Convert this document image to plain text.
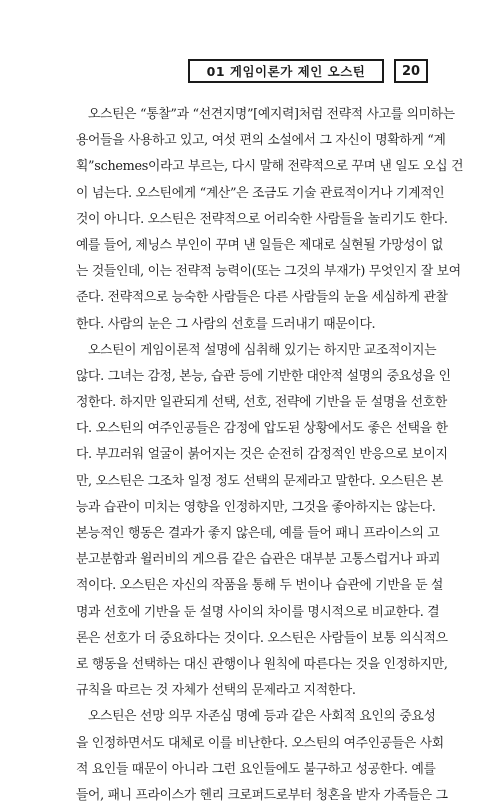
01 게임이론가 제인 오스틴	20
오스틴은 “통찰”과 “선견지명”[예지력]처럼 전략적 사고를 의미하는
용어들을 사용하고 있고, 여섯 편의 소설에서 그 자신이 명확하게 “계
획”schemes이라고 부르는, 다시 말해 전략적으로 꾸며 낸 일도 오십 건
이 넘는다. 오스틴에게 “계산”은 조금도 기술 관료적이거나 기계적인
것이 아니다. 오스틴은 전략적으로 어리숙한 사람들을 놀리기도 한다.
예를 들어, 제닝스 부인이 꾸며 낸 일들은 제대로 실현될 가망성이 없
는 것들인데, 이는 전략적 능력이(또는 그것의 부재가) 무엇인지 잘 보여
준다. 전략적으로 능숙한 사람들은 다른 사람들의 눈을 세심하게 관찰
한다. 사람의 눈은 그 사람의 선호를 드러내기 때문이다.
오스틴이 게임이론적 설명에 심취해 있기는 하지만 교조적이지는
않다. 그녀는 감정, 본능, 습관 등에 기반한 대안적 설명의 중요성을 인
정한다. 하지만 일관되게 선택, 선호, 전략에 기반을 둔 설명을 선호한
다. 오스틴의 여주인공들은 감정에 압도된 상황에서도 좋은 선택을 한
다. 부끄러워 얼굴이 붉어지는 것은 순전히 감정적인 반응으로 보이지
만, 오스틴은 그조차 일정 정도 선택의 문제라고 말한다. 오스틴은 본
능과 습관이 미치는 영향을 인정하지만, 그것을 좋아하지는 않는다.
본능적인 행동은 결과가 좋지 않은데, 예를 들어 패니 프라이스의 고
분고분함과 윌러비의 게으름 같은 습관은 대부분 고통스럽거나 파괴
적이다. 오스틴은 자신의 작품을 통해 두 번이나 습관에 기반을 둔 설
명과 선호에 기반을 둔 설명 사이의 차이를 명시적으로 비교한다. 결
론은 선호가 더 중요하다는 것이다. 오스틴은 사람들이 보통 의식적으
로 행동을 선택하는 대신 관행이나 원칙에 따른다는 것을 인정하지만,
규칙을 따르는 것 자체가 선택의 문제라고 지적한다.
오스틴은 선망 의무 자존심 명예 등과 같은 사회적 요인의 중요성
을 인정하면서도 대체로 이를 비난한다. 오스틴의 여주인공들은 사회
적 요인들 때문이 아니라 그런 요인들에도 불구하고 성공한다. 예를
들어, 패니 프라이스가 헨리 크로퍼드로부터 청혼을 받자 가족들은 그
